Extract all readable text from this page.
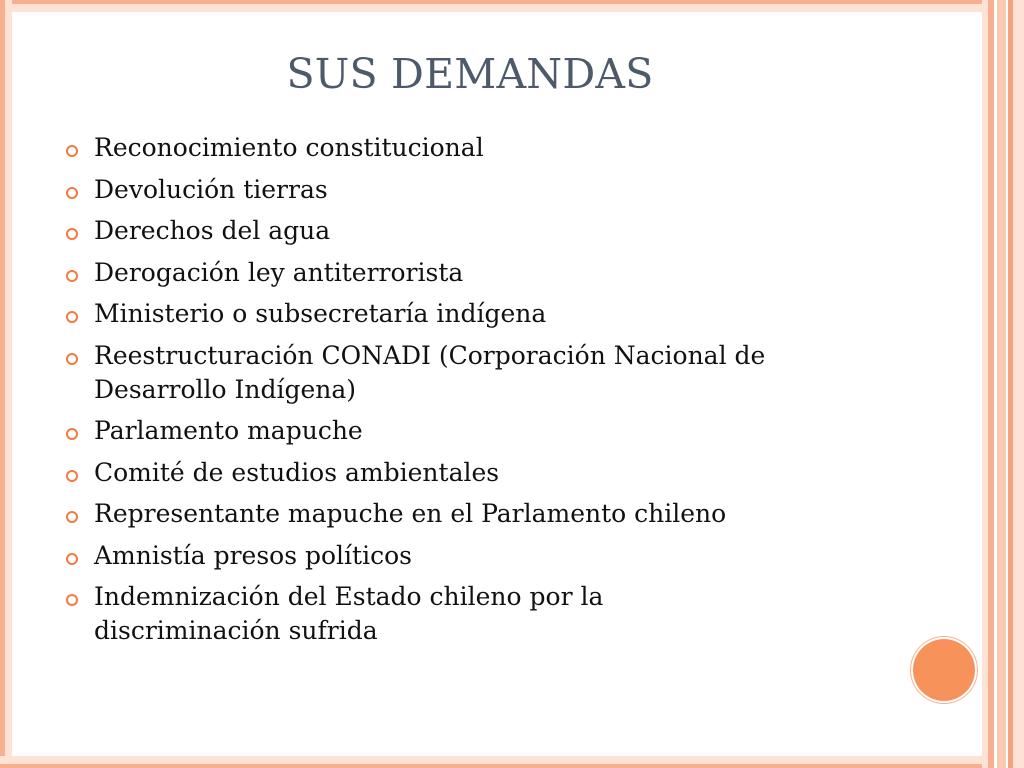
SUS DEMANDAS
Reconocimiento constitucional
Devolución tierras
Derechos del agua
Derogación ley antiterrorista
Ministerio o subsecretaría indígena
Reestructuración CONADI (Corporación Nacional de
Desarrollo Indígena)
Parlamento mapuche
Comité de estudios ambientales
Representante mapuche en el Parlamento chileno
Amnistía presos políticos
Indemnización del Estado chileno por la
discriminación sufrida
